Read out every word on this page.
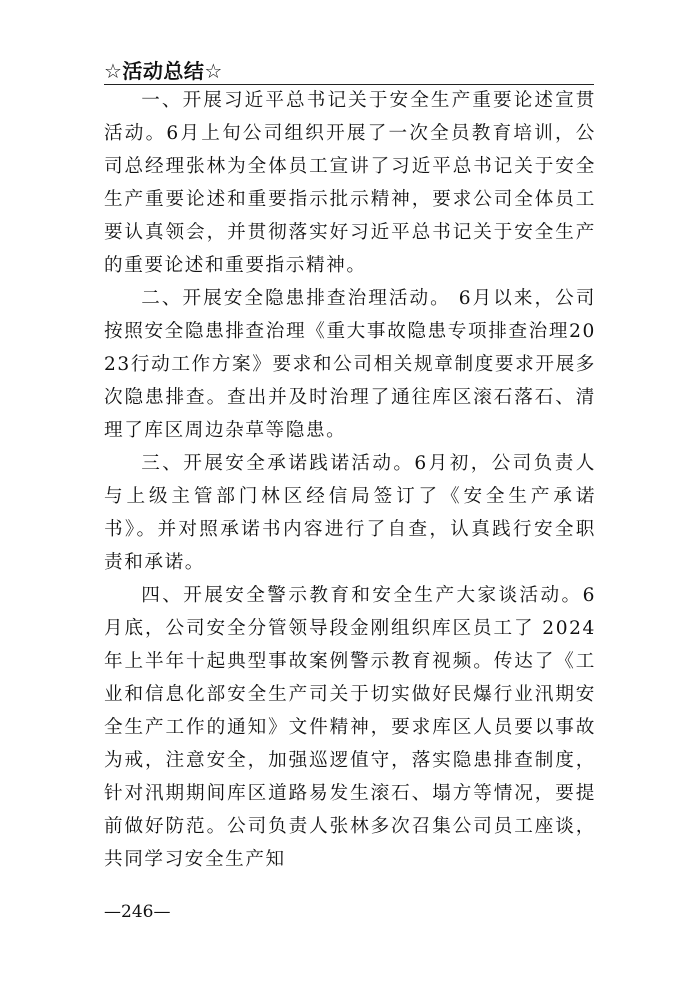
☆活动总结☆

一、开展习近平总书记关于安全生产重要论述宣贯活动。6月上旬公司组织开展了一次全员教育培训，公司总经理张林为全体员工宣讲了习近平总书记关于安全生产重要论述和重要指示批示精神，要求公司全体员工要认真领会，并贯彻落实好习近平总书记关于安全生产的重要论述和重要指示精神。

二、开展安全隐患排查治理活动。 6月以来，公司按照安全隐患排查治理《重大事故隐患专项排查治理2023行动工作方案》要求和公司相关规章制度要求开展多次隐患排查。查出并及时治理了通往库区滚石落石、清理了库区周边杂草等隐患。

三、开展安全承诺践诺活动。6月初，公司负责人与上级主管部门林区经信局签订了《安全生产承诺书》。并对照承诺书内容进行了自查，认真践行安全职责和承诺。

四、开展安全警示教育和安全生产大家谈活动。6月底，公司安全分管领导段金刚组织库区员工了 2024 年上半年十起典型事故案例警示教育视频。传达了《工业和信息化部安全生产司关于切实做好民爆行业汛期安全生产工作的通知》文件精神，要求库区人员要以事故为戒，注意安全，加强巡逻值守，落实隐患排查制度，针对汛期期间库区道路易发生滚石、塌方等情况，要提前做好防范。公司负责人张林多次召集公司员工座谈，共同学习安全生产知

—246—
